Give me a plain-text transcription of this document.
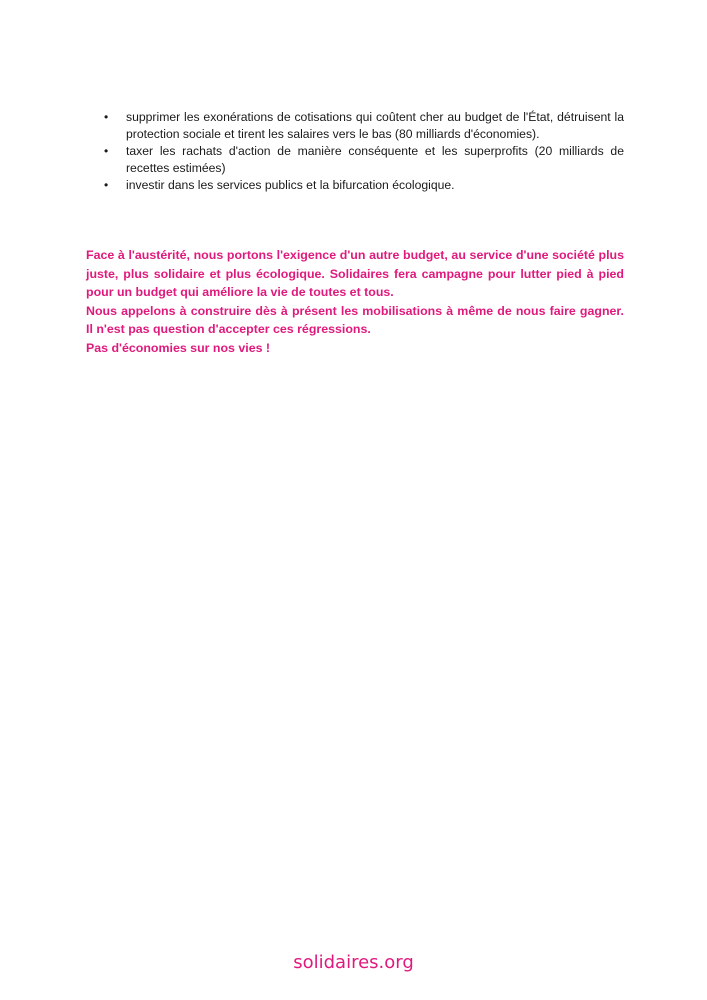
• supprimer les exonérations de cotisations qui coûtent cher au budget de l'État, détruisent la protection sociale et tirent les salaires vers le bas (80 milliards d'économies).
• taxer les rachats d'action de manière conséquente et les superprofits (20 milliards de recettes estimées)
• investir dans les services publics et la bifurcation écologique.

Face à l'austérité, nous portons l'exigence d'un autre budget, au service d'une société plus juste, plus solidaire et plus écologique. Solidaires fera campagne pour lutter pied à pied pour un budget qui améliore la vie de toutes et tous.

Nous appelons à construire dès à présent les mobilisations à même de nous faire gagner. Il n'est pas question d'accepter ces régressions.

Pas d'économies sur nos vies !

solidaires.org
